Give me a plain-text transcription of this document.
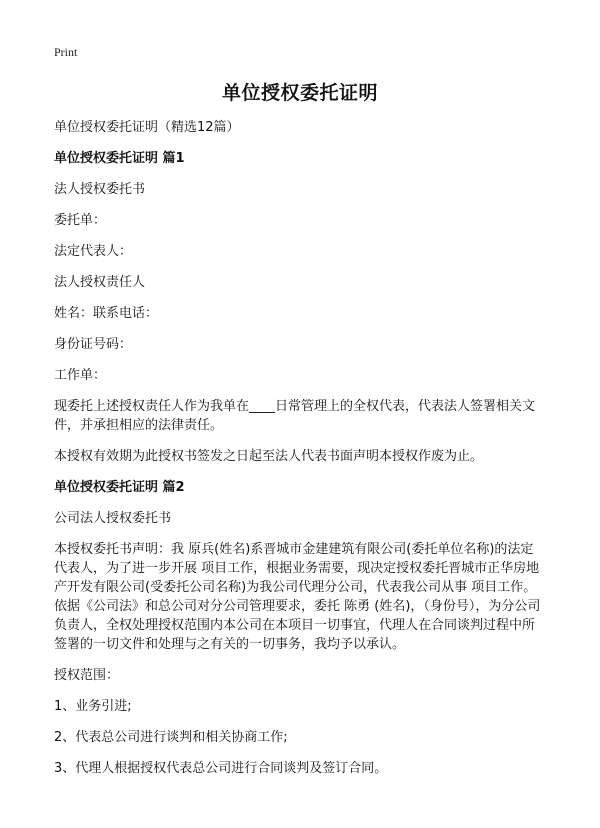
Print
单位授权委托证明

单位授权委托证明（精选12篇）

单位授权委托证明 篇1

法人授权委托书

委托单：

法定代表人：

法人授权责任人

姓名：联系电话：

身份证号码：

工作单：

现委托上述授权责任人作为我单在____日常管理上的全权代表，代表法人签署相关文件，并承担相应的法律责任。

本授权有效期为此授权书签发之日起至法人代表书面声明本授权作废为止。

单位授权委托证明 篇2

公司法人授权委托书

本授权委托书声明：我 原兵(姓名)系晋城市金建建筑有限公司(委托单位名称)的法定代表人，为了进一步开展 项目工作，根据业务需要，现决定授权委托晋城市正华房地产开发有限公司(受委托公司名称)为我公司代理分公司，代表我公司从事 项目工作。依据《公司法》和总公司对分公司管理要求，委托 陈勇 (姓名)，（身份号），为分公司负责人，全权处理授权范围内本公司在本项目一切事宜，代理人在合同谈判过程中所签署的一切文件和处理与之有关的一切事务，我均予以承认。

授权范围：

1、业务引进;

2、代表总公司进行谈判和相关协商工作;

3、代理人根据授权代表总公司进行合同谈判及签订合同。
